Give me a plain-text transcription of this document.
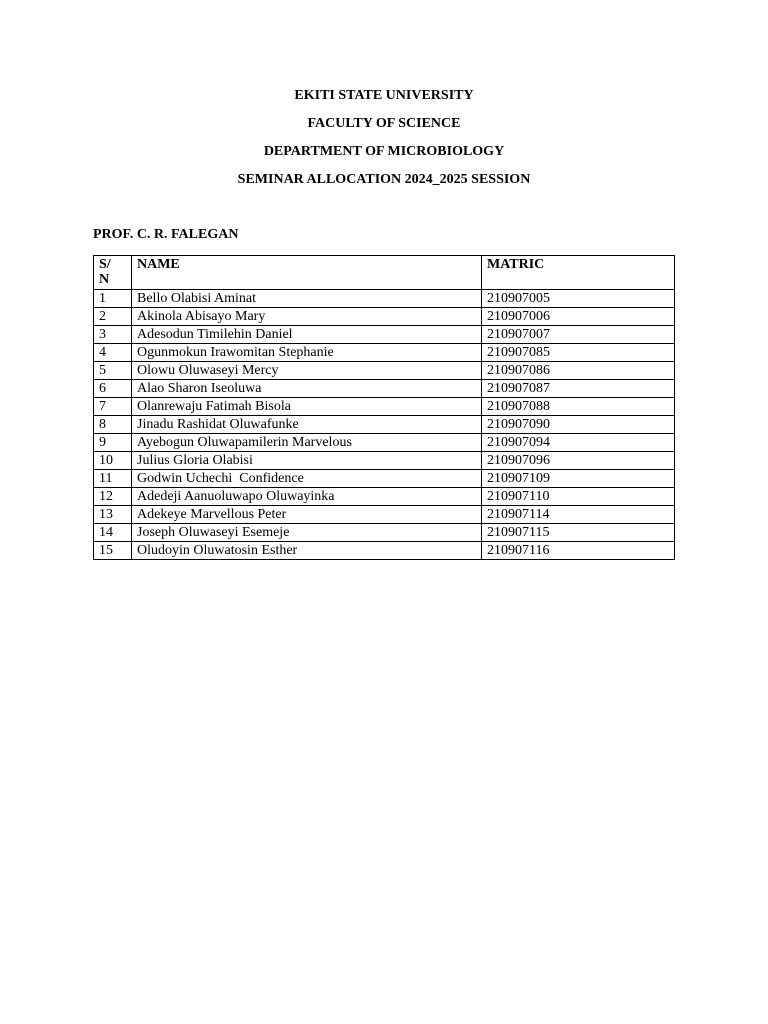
EKITI STATE UNIVERSITY
FACULTY OF SCIENCE
DEPARTMENT OF MICROBIOLOGY
SEMINAR ALLOCATION 2024_2025 SESSION
PROF. C. R. FALEGAN
S/
N	NAME	MATRIC
1	Bello Olabisi Aminat	210907005
2	Akinola Abisayo Mary	210907006
3	Adesodun Timilehin Daniel	210907007
4	Ogunmokun Irawomitan Stephanie	210907085
5	Olowu Oluwaseyi Mercy	210907086
6	Alao Sharon Iseoluwa	210907087
7	Olanrewaju Fatimah Bisola	210907088
8	Jinadu Rashidat Oluwafunke	210907090
9	Ayebogun Oluwapamilerin Marvelous	210907094
10	Julius Gloria Olabisi	210907096
11	Godwin Uchechi  Confidence	210907109
12	Adedeji Aanuoluwapo Oluwayinka	210907110
13	Adekeye Marvellous Peter	210907114
14	Joseph Oluwaseyi Esemeje	210907115
15	Oludoyin Oluwatosin Esther	210907116
